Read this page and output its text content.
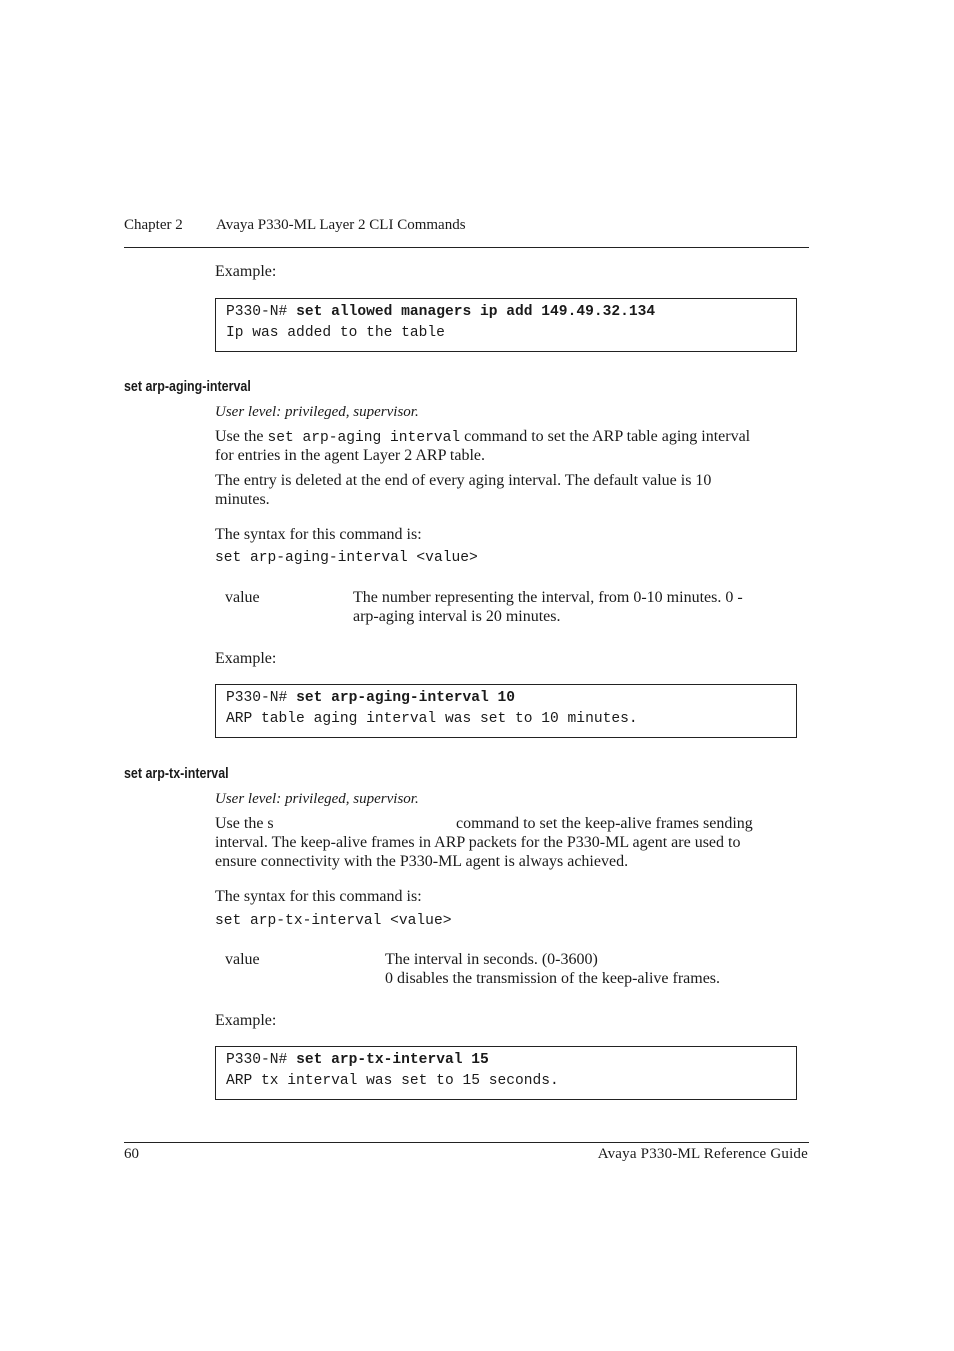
Chapter 2 Avaya P330-ML Layer 2 CLI Commands
Example:
P330-N# set allowed managers ip add 149.49.32.134
Ip was added to the table
set arp-aging-interval
User level: privileged, supervisor.
Use the set arp-aging interval command to set the ARP table aging interval
for entries in the agent Layer 2 ARP table.
The entry is deleted at the end of every aging interval. The default value is 10
minutes.
The syntax for this command is:
set arp-aging-interval <value>
value	The number representing the interval, from 0-10 minutes. 0 -
arp-aging interval is 20 minutes.
Example:
P330-N# set arp-aging-interval 10
ARP table aging interval was set to 10 minutes.
set arp-tx-interval
User level: privileged, supervisor.
Use the s	command to set the keep-alive frames sending
interval. The keep-alive frames in ARP packets for the P330-ML agent are used to
ensure connectivity with the P330-ML agent is always achieved.
The syntax for this command is:
set arp-tx-interval <value>
value	The interval in seconds. (0-3600)
0 disables the transmission of the keep-alive frames.
Example:
P330-N# set arp-tx-interval 15
ARP tx interval was set to 15 seconds.
60	Avaya P330-ML Reference Guide
